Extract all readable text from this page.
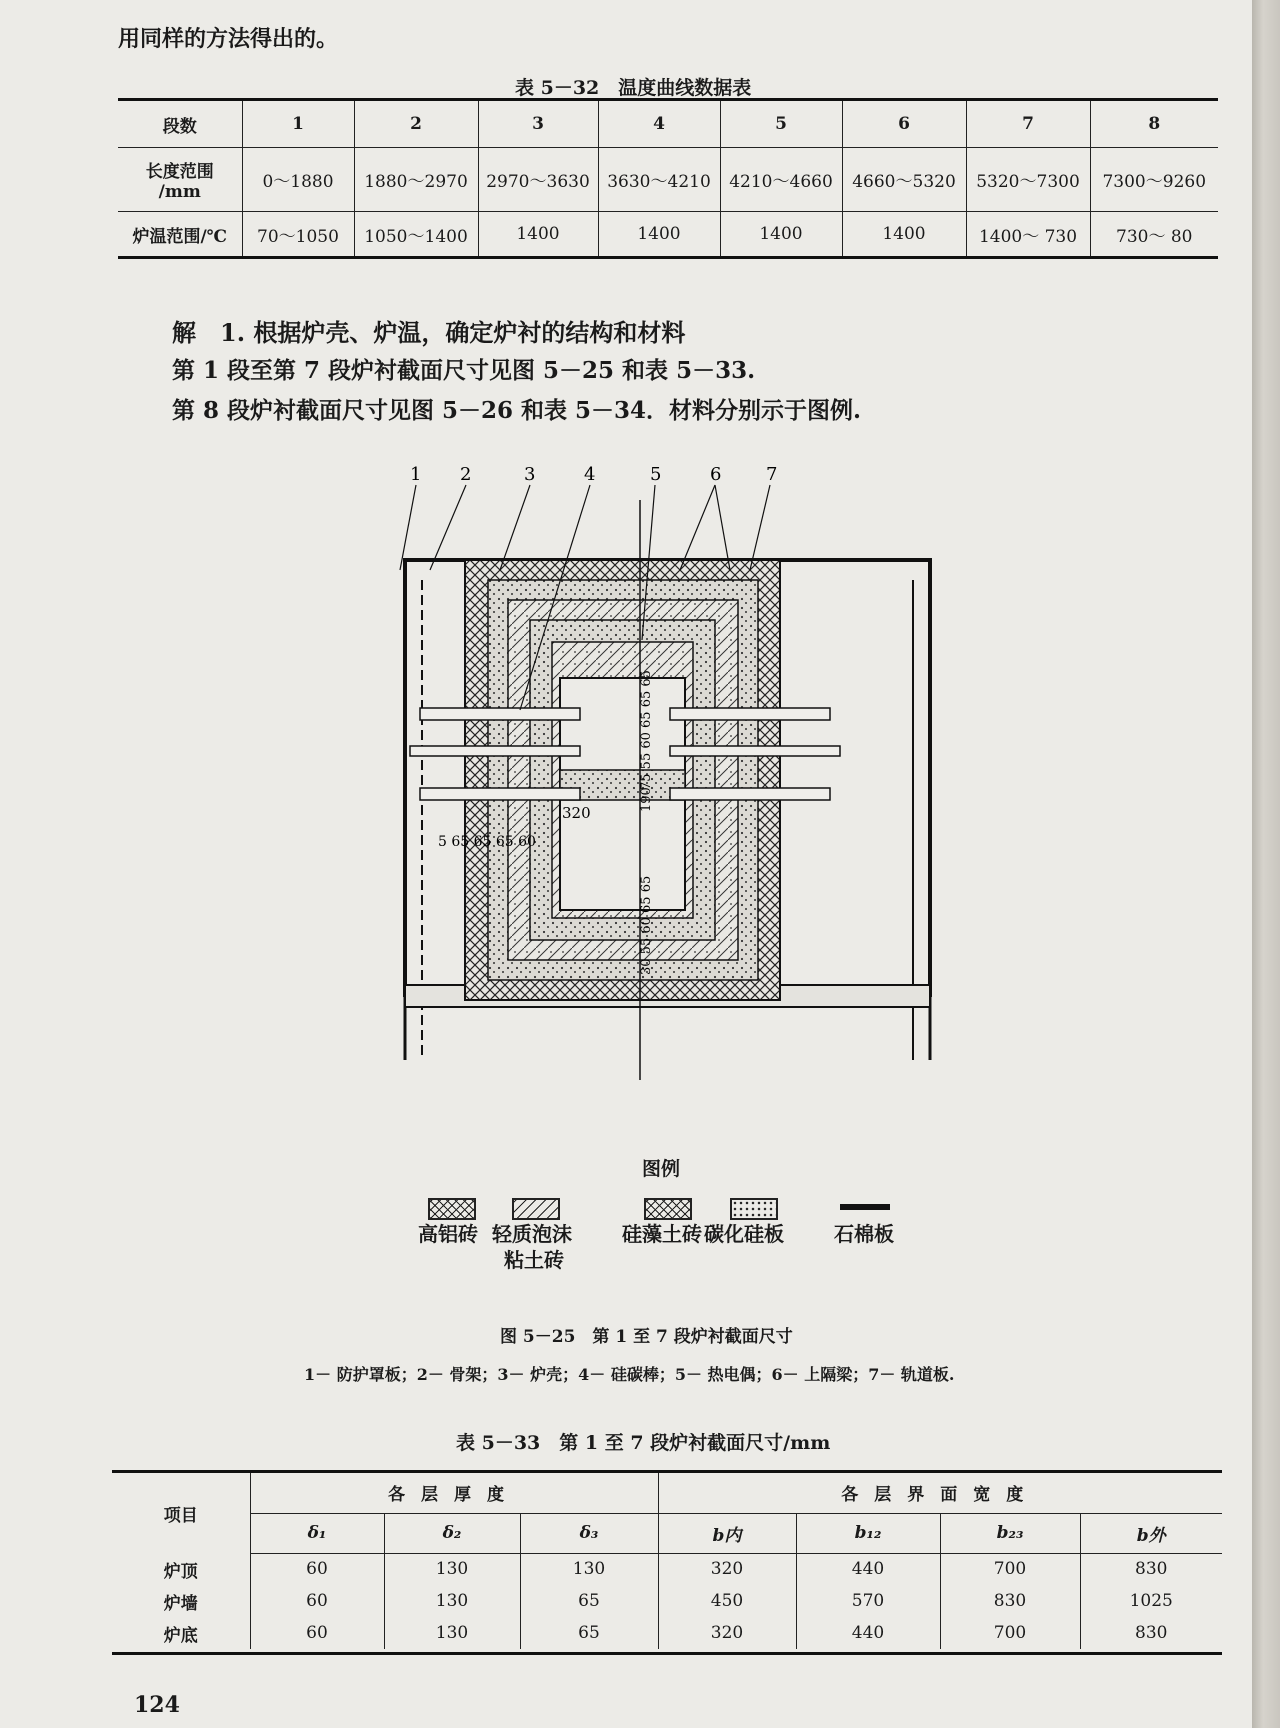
用同样的方法得出的。
表 5－32　温度曲线数据表
段数	1	2	3	4	5	6	7	8

长度范围
/mm	0～1880	1880～2970	2970～3630	3630～4210	4210～4660	4660～5320	5320～7300	7300～9260
炉温范围/℃	70～1050	1050～1400	1400	1400	1400	1400	1400～ 730	730～ 80
解　1. 根据炉壳、炉温，确定炉衬的结构和材料
第 1 段至第 7 段炉衬截面尺寸见图 5－25 和表 5－33.
第 8 段炉衬截面尺寸见图 5－26 和表 5－34．材料分别示于图例.
1 2	3	4	5	6 7
320
5 65 65 65 60
190
75 55 60 65 65 65
30 55 60 65 65
图例
高铝砖 轻质泡沫
粘土砖
硅藻土砖 碳化硅板	石棉板
图 5－25　第 1 至 7 段炉衬截面尺寸
1－ 防护罩板；2－ 骨架；3－ 炉壳；4－ 硅碳棒；5－ 热电偶；6－ 上隔梁；7－ 轨道板.
表 5－33　第 1 至 7 段炉衬截面尺寸/mm
项目	各层厚度			各层界面宽度			
	δ₁	δ₂	δ₃	b内	b₁₂	b₂₃	b外
炉顶	60	130	130	320	440	700	830
炉墙	60	130	65	450	570	830	1025
炉底	60	130	65	320	440	700	830
124
